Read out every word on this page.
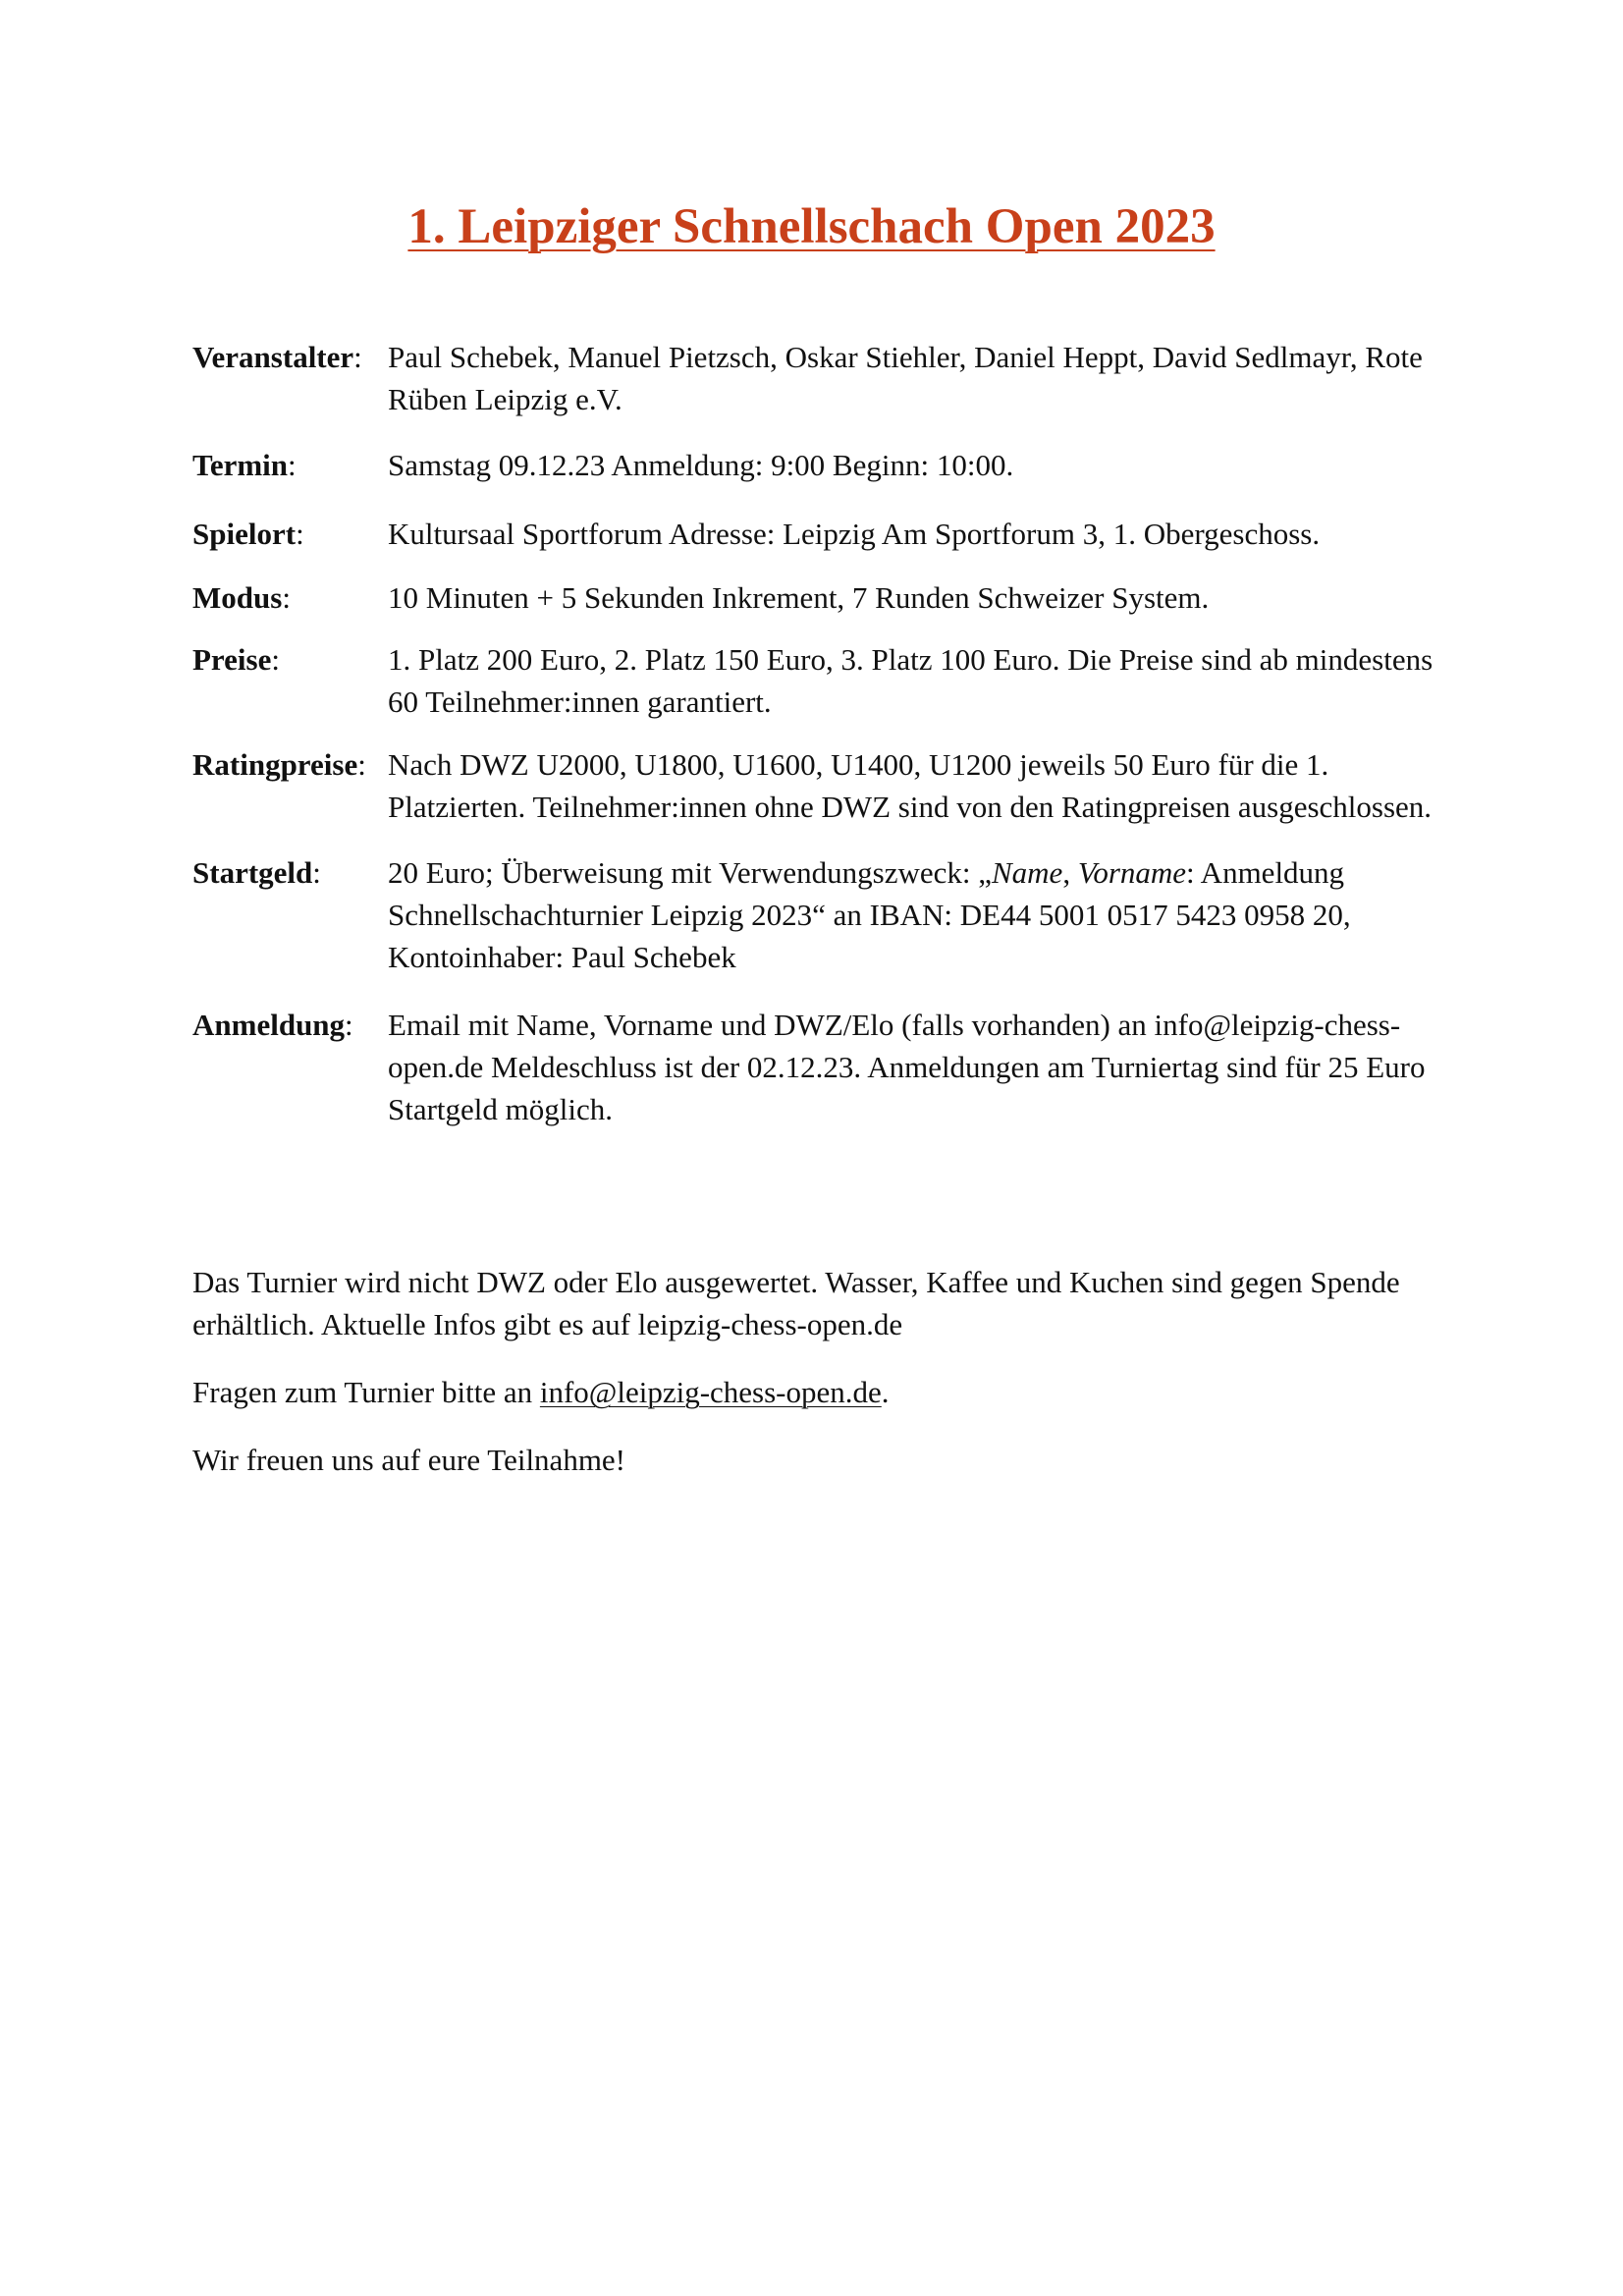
1. Leipziger Schnellschach Open 2023
Veranstalter: Paul Schebek, Manuel Pietzsch, Oskar Stiehler, Daniel Heppt, David Sedlmayr, Rote Rüben Leipzig e.V.
Termin:	Samstag 09.12.23 Anmeldung: 9:00 Beginn: 10:00.
Spielort:	Kultursaal Sportforum Adresse: Leipzig Am Sportforum 3, 1. Obergeschoss.
Modus:	10 Minuten + 5 Sekunden Inkrement, 7 Runden Schweizer System.
Preise:	1. Platz 200 Euro, 2. Platz 150 Euro, 3. Platz 100 Euro. Die Preise sind ab mindestens 60 Teilnehmer:innen garantiert.
Ratingpreise: Nach DWZ U2000, U1800, U1600, U1400, U1200 jeweils 50 Euro für die 1. Platzierten. Teilnehmer:innen ohne DWZ sind von den Ratingpreisen ausgeschlossen.
Startgeld:	20 Euro; Überweisung mit Verwendungszweck: „Name, Vorname: Anmeldung Schnellschachturnier Leipzig 2023“ an IBAN: DE44 5001 0517 5423 0958 20, Kontoinhaber: Paul Schebek
Anmeldung:	Email mit Name, Vorname und DWZ/Elo (falls vorhanden) an info@leipzig-chess-open.de Meldeschluss ist der 02.12.23. Anmeldungen am Turniertag sind für 25 Euro Startgeld möglich.

Das Turnier wird nicht DWZ oder Elo ausgewertet. Wasser, Kaffee und Kuchen sind gegen Spende erhältlich. Aktuelle Infos gibt es auf leipzig-chess-open.de

Fragen zum Turnier bitte an info@leipzig-chess-open.de.

Wir freuen uns auf eure Teilnahme!
